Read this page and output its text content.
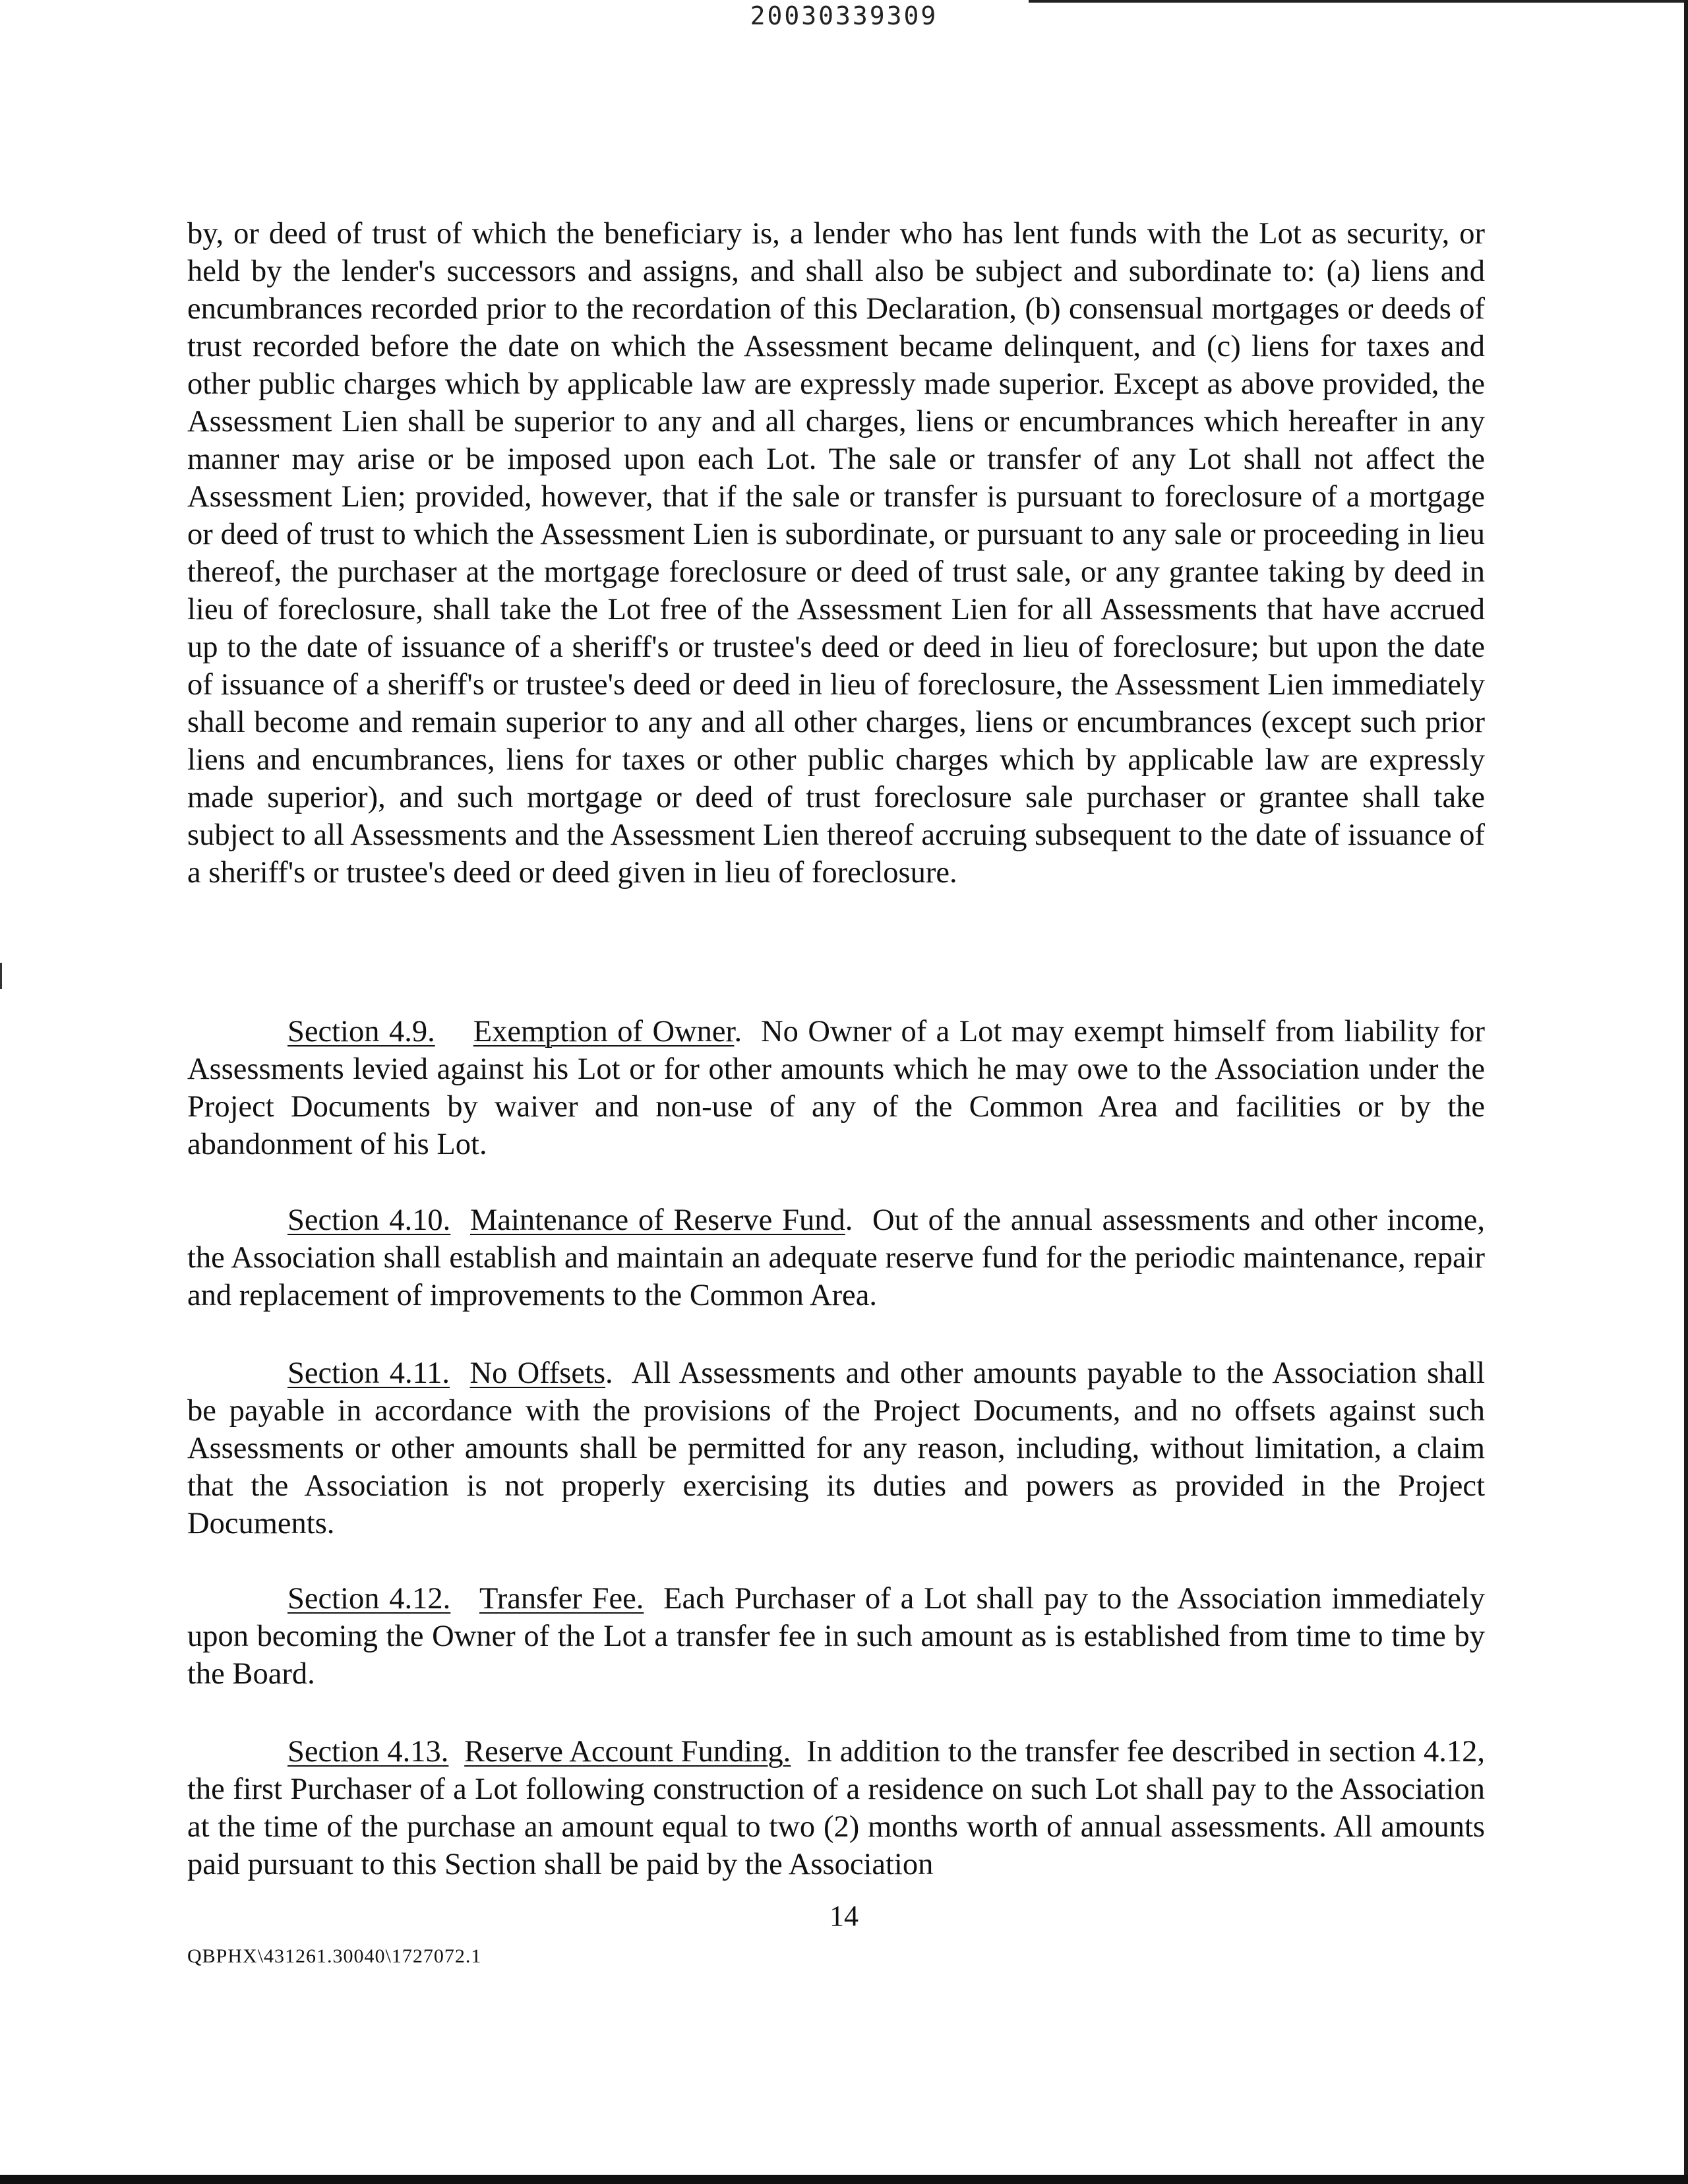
20030339309

by, or deed of trust of which the beneficiary is, a lender who has lent funds with the Lot as security, or held by the lender's successors and assigns, and shall also be subject and subordinate to: (a) liens and encumbrances recorded prior to the recordation of this Declaration, (b) consensual mortgages or deeds of trust recorded before the date on which the Assessment became delinquent, and (c) liens for taxes and other public charges which by applicable law are expressly made superior. Except as above provided, the Assessment Lien shall be superior to any and all charges, liens or encumbrances which hereafter in any manner may arise or be imposed upon each Lot. The sale or transfer of any Lot shall not affect the Assessment Lien; provided, however, that if the sale or transfer is pursuant to foreclosure of a mortgage or deed of trust to which the Assessment Lien is subordinate, or pursuant to any sale or proceeding in lieu thereof, the purchaser at the mortgage foreclosure or deed of trust sale, or any grantee taking by deed in lieu of foreclosure, shall take the Lot free of the Assessment Lien for all Assessments that have accrued up to the date of issuance of a sheriff's or trustee's deed or deed in lieu of foreclosure; but upon the date of issuance of a sheriff's or trustee's deed or deed in lieu of foreclosure, the Assessment Lien immediately shall become and remain superior to any and all other charges, liens or encumbrances (except such prior liens and encumbrances, liens for taxes or other public charges which by applicable law are expressly made superior), and such mortgage or deed of trust foreclosure sale purchaser or grantee shall take subject to all Assessments and the Assessment Lien thereof accruing subsequent to the date of issuance of a sheriff's or trustee's deed or deed given in lieu of foreclosure.

Section 4.9. Exemption of Owner.  No Owner of a Lot may exempt himself from liability for Assessments levied against his Lot or for other amounts which he may owe to the Association under the Project Documents by waiver and non-use of any of the Common Area and facilities or by the abandonment of his Lot.

Section 4.10. Maintenance of Reserve Fund.  Out of the annual assessments and other income, the Association shall establish and maintain an adequate reserve fund for the periodic maintenance, repair and replacement of improvements to the Common Area.

Section 4.11. No Offsets.  All Assessments and other amounts payable to the Association shall be payable in accordance with the provisions of the Project Documents, and no offsets against such Assessments or other amounts shall be permitted for any reason, including, without limitation, a claim that the Association is not properly exercising its duties and powers as provided in the Project Documents.

Section 4.12. Transfer Fee. Each Purchaser of a Lot shall pay to the Association immediately upon becoming the Owner of the Lot a transfer fee in such amount as is established from time to time by the Board.

Section 4.13. Reserve Account Funding. In addition to the transfer fee described in section 4.12, the first Purchaser of a Lot following construction of a residence on such Lot shall pay to the Association at the time of the purchase an amount equal to two (2) months worth of annual assessments. All amounts paid pursuant to this Section shall be paid by the Association

14
QBPHX\431261.30040\1727072.1
